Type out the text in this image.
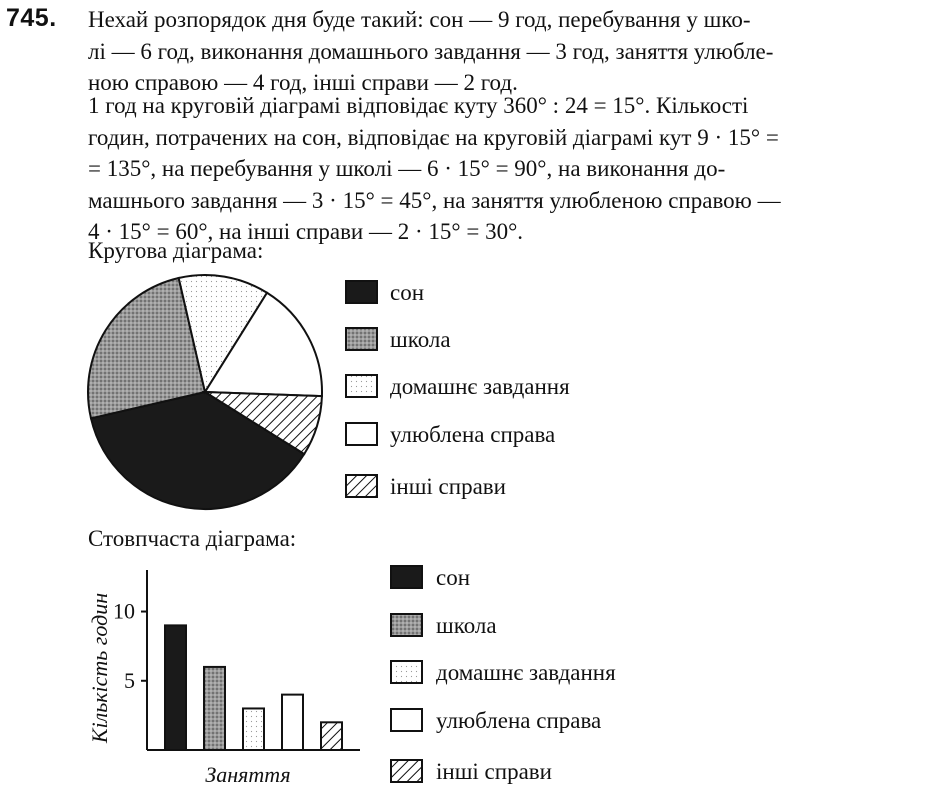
745. Нехай розпорядок дня буде такий: сон — 9 год, перебування у шко-
лі — 6 год, виконання домашнього завдання — 3 год, заняття улюбле-
ною справою — 4 год, інші справи — 2 год.
1 год на круговій діаграмі відповідає куту 360° : 24 = 15°. Кількості
годин, потрачених на сон, відповідає на круговій діаграмі кут 9 · 15° =
= 135°, на перебування у школі — 6 · 15° = 90°, на виконання до-
машнього завдання — 3 · 15° = 45°, на заняття улюбленою справою —
4 · 15° = 60°, на інші справи — 2 · 15° = 30°.
Кругова діаграма:
Стовпчаста діаграма:
сон
школа
домашнє завдання
улюблена справа
інші справи
5
10
Заняття
Кількість годин
сон
школа
домашнє завдання
улюблена справа
інші справи
